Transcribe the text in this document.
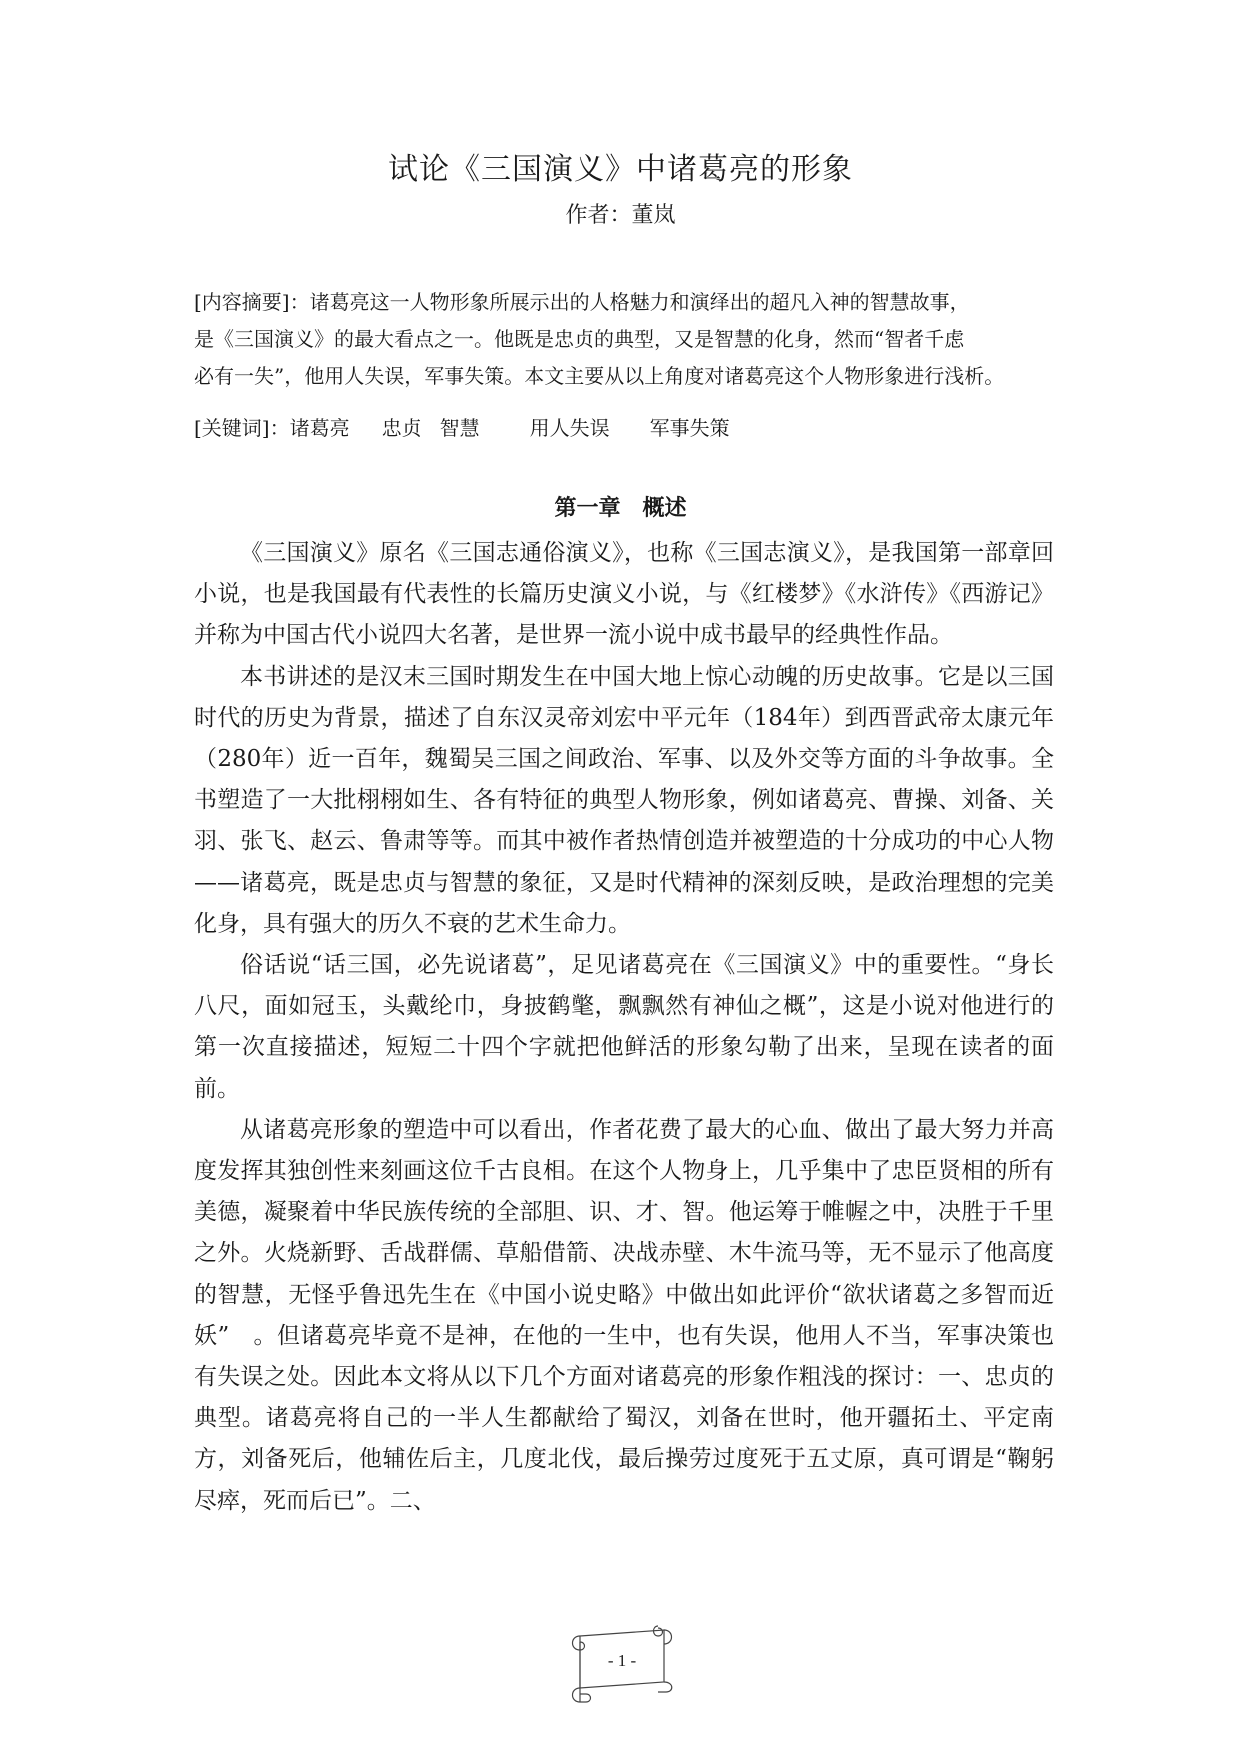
试论《三国演义》中诸葛亮的形象
作者：董岚

[内容摘要]：诸葛亮这一人物形象所展示出的人格魅力和演绎出的超凡入神的智慧故事，

是《三国演义》的最大看点之一。他既是忠贞的典型，又是智慧的化身，然而“智者千虑

必有一失”，他用人失误，军事失策。本文主要从以上角度对诸葛亮这个人物形象进行浅析。

[关键词]：诸葛亮 忠贞 智慧	用人失误 军事失策
第一章　概述

《三国演义》原名《三国志通俗演义》，也称《三国志演义》，是我国第一部章回小说，也是我国最有代表性的长篇历史演义小说，与《红楼梦》《水浒传》《西游记》并称为中国古代小说四大名著，是世界一流小说中成书最早的经典性作品。

本书讲述的是汉末三国时期发生在中国大地上惊心动魄的历史故事。它是以三国时代的历史为背景，描述了自东汉灵帝刘宏中平元年（184年）到西晋武帝太康元年（280年）近一百年，魏蜀吴三国之间政治、军事、以及外交等方面的斗争故事。全书塑造了一大批栩栩如生、各有特征的典型人物形象，例如诸葛亮、曹操、刘备、关羽、张飞、赵云、鲁肃等等。而其中被作者热情创造并被塑造的十分成功的中心人物——诸葛亮，既是忠贞与智慧的象征，又是时代精神的深刻反映，是政治理想的完美化身，具有强大的历久不衰的艺术生命力。

俗话说“话三国，必先说诸葛”，足见诸葛亮在《三国演义》中的重要性。“身长八尺，面如冠玉，头戴纶巾，身披鹤氅，飘飘然有神仙之概”，这是小说对他进行的第一次直接描述，短短二十四个字就把他鲜活的形象勾勒了出来，呈现在读者的面前。

从诸葛亮形象的塑造中可以看出，作者花费了最大的心血、做出了最大努力并高度发挥其独创性来刻画这位千古良相。在这个人物身上，几乎集中了忠臣贤相的所有美德，凝聚着中华民族传统的全部胆、识、才、智。他运筹于帷幄之中，决胜于千里之外。火烧新野、舌战群儒、草船借箭、决战赤壁、木牛流马等，无不显示了他高度的智慧，无怪乎鲁迅先生在《中国小说史略》中做出如此评价“欲状诸葛之多智而近妖”　。但诸葛亮毕竟不是神，在他的一生中，也有失误，他用人不当，军事决策也有失误之处。因此本文将从以下几个方面对诸葛亮的形象作粗浅的探讨：一、忠贞的典型。诸葛亮将自己的一半人生都献给了蜀汉，刘备在世时，他开疆拓土、平定南方，刘备死后，他辅佐后主，几度北伐，最后操劳过度死于五丈原，真可谓是“鞠躬尽瘁，死而后已”。二、

- 1 -
